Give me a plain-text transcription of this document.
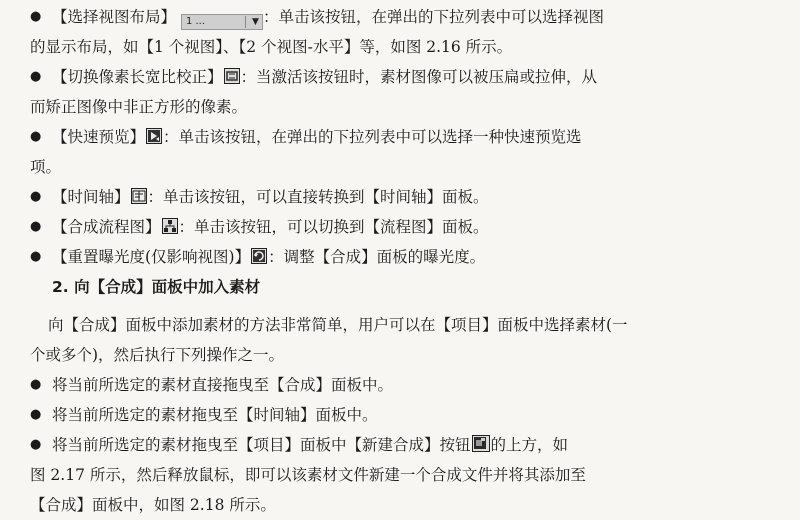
● 【选择视图布局】 1 ...	▼ ：单击该按钮，在弹出的下拉列表中可以选择视图
的显示布局，如【1 个视图】、【2 个视图-水平】等，如图 2.16 所示。
● 【切换像素长宽比校正】 ：当激活该按钮时，素材图像可以被压扁或拉伸，从
而矫正图像中非正方形的像素。
● 【快速预览】 ：单击该按钮，在弹出的下拉列表中可以选择一种快速预览选
项。
● 【时间轴】 ：单击该按钮，可以直接转换到【时间轴】面板。
● 【合成流程图】 ：单击该按钮，可以切换到【流程图】面板。
● 【重置曝光度(仅影响视图)】 ：调整【合成】面板的曝光度。
2. 向【合成】面板中加入素材
向【合成】面板中添加素材的方法非常简单，用户可以在【项目】面板中选择素材(一
个或多个)，然后执行下列操作之一。
● 将当前所选定的素材直接拖曳至【合成】面板中。
● 将当前所选定的素材拖曳至【时间轴】面板中。
● 将当前所选定的素材拖曳至【项目】面板中【新建合成】按钮 的上方，如
图 2.17 所示，然后释放鼠标，即可以该素材文件新建一个合成文件并将其添加至
【合成】面板中，如图 2.18 所示。
